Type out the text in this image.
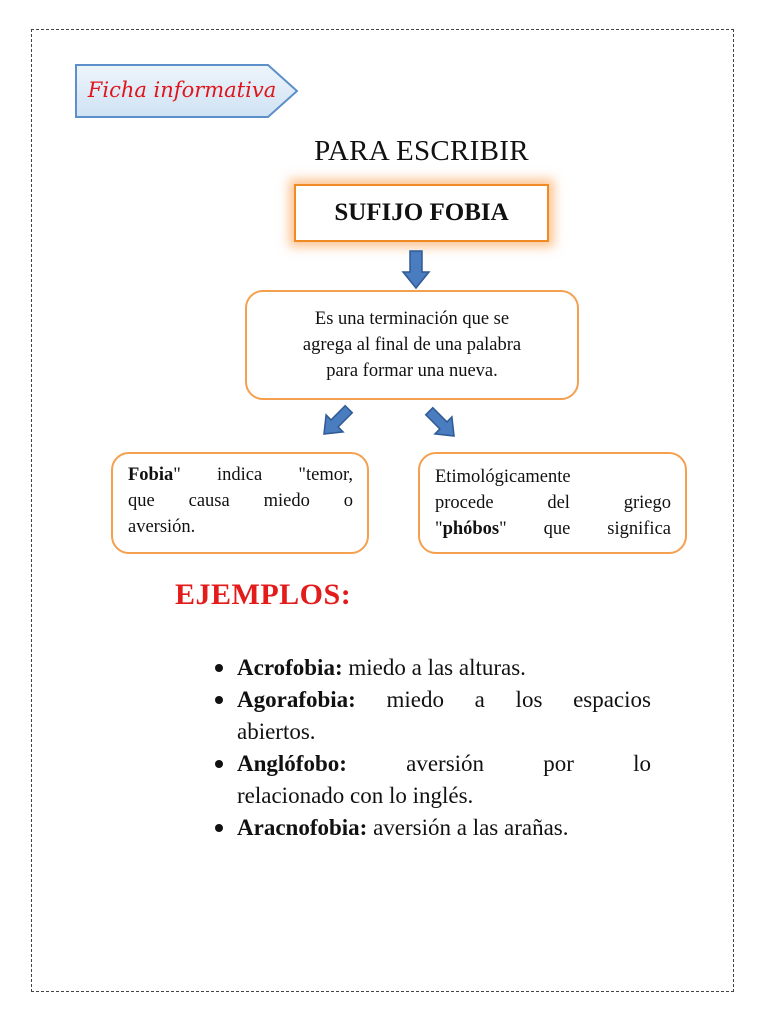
Ficha informativa
PARA ESCRIBIR
SUFIJO FOBIA
Es una terminación que se
agrega al final de una palabra
para formar una nueva.
Fobia" indica "temor,
que causa miedo o
aversión.
Etimológicamente
procede del griego
"phóbos" que significa
EJEMPLOS:
Acrofobia: miedo a las alturas.
Agorafobia: miedo a los espacios
abiertos.
Anglófobo: aversión por lo
relacionado con lo inglés.
Aracnofobia: aversión a las arañas.
